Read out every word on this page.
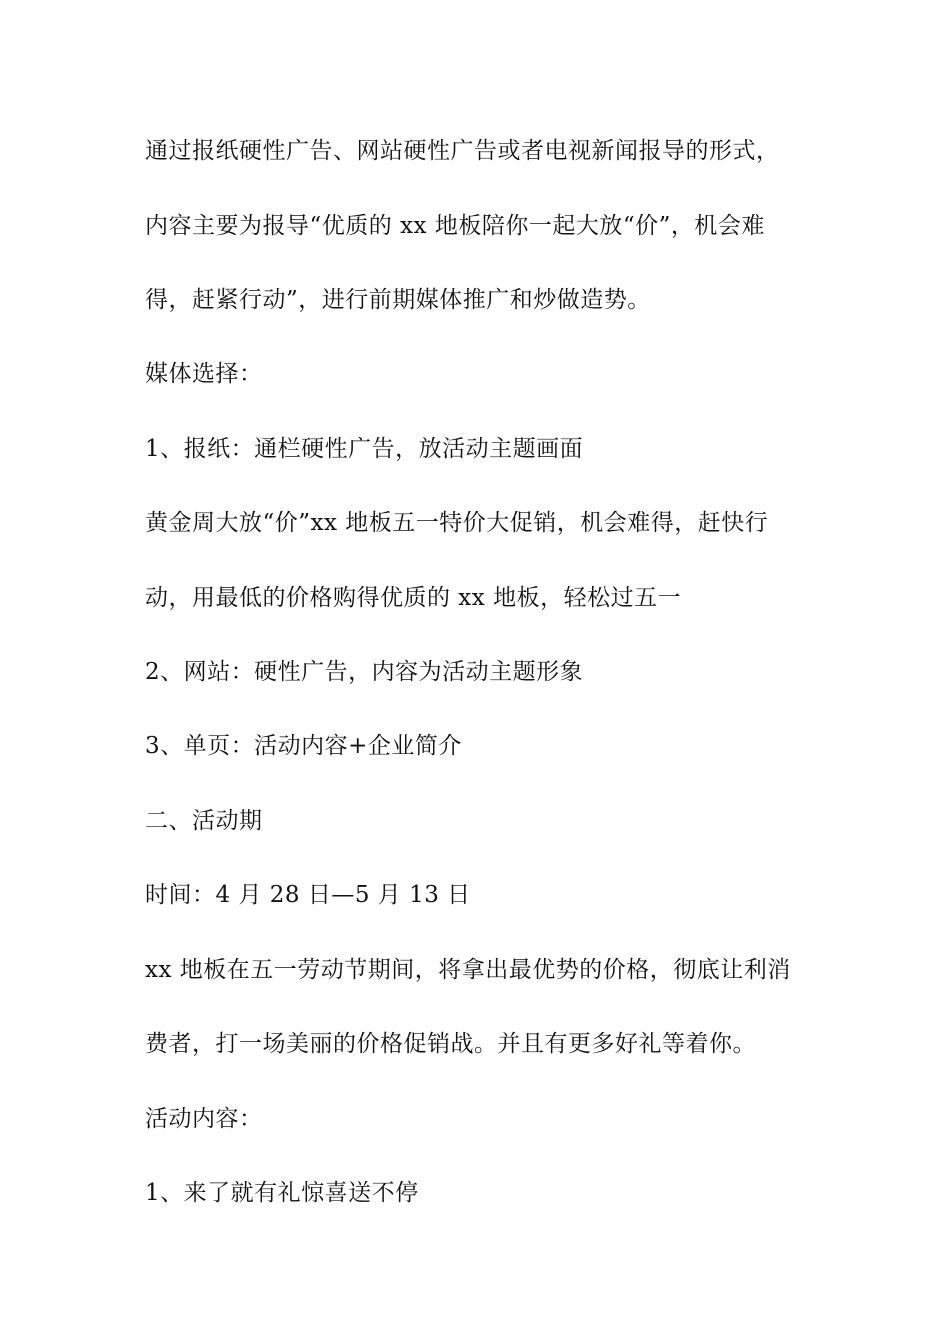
通过报纸硬性广告、网站硬性广告或者电视新闻报导的形式，
内容主要为报导“优质的 xx 地板陪你一起大放“价”，机会难
得，赶紧行动”，进行前期媒体推广和炒做造势。
媒体选择：
1、报纸：通栏硬性广告，放活动主题画面
黄金周大放“价”xx 地板五一特价大促销，机会难得，赶快行
动，用最低的价格购得优质的 xx 地板，轻松过五一
2、网站：硬性广告，内容为活动主题形象
3、单页：活动内容+企业简介
二、活动期
时间：4 月 28 日—5 月 13 日
xx 地板在五一劳动节期间，将拿出最优势的价格，彻底让利消
费者，打一场美丽的价格促销战。并且有更多好礼等着你。
活动内容：
1、来了就有礼惊喜送不停
